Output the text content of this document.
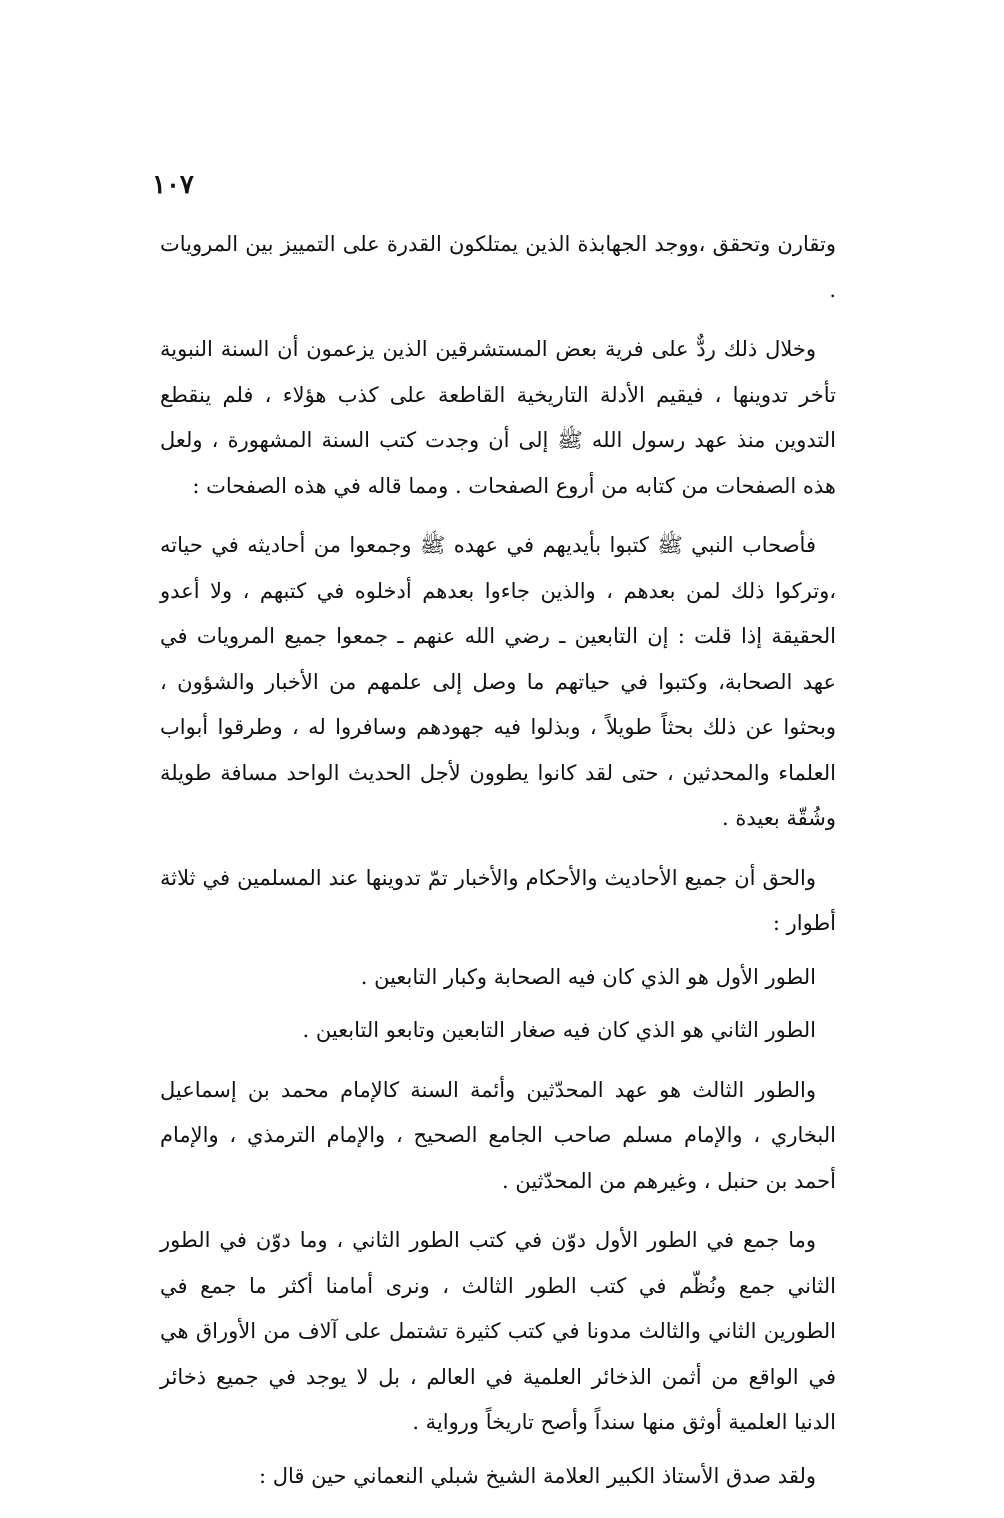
١٠٧

وتقارن وتحقق ،ووجد الجهابذة الذين يمتلكون القدرة على التمييز بين المرويات .

وخلال ذلك ردٌّ على فرية بعض المستشرقين الذين يزعمون أن السنة النبوية تأخر تدوينها ، فيقيم الأدلة التاريخية القاطعة على كذب هؤلاء ، فلم ينقطع التدوين منذ عهد رسول الله ﷺ إلى أن وجدت كتب السنة المشهورة ، ولعل هذه الصفحات من كتابه من أروع الصفحات . ومما قاله في هذه الصفحات :

فأصحاب النبي ﷺ كتبوا بأيديهم في عهده ﷺ وجمعوا من أحاديثه في حياته ،وتركوا ذلك لمن بعدهم ، والذين جاءوا بعدهم أدخلوه في كتبهم ، ولا أعدو الحقيقة إذا قلت : إن التابعين ـ رضي الله عنهم ـ جمعوا جميع المرويات في عهد الصحابة، وكتبوا في حياتهم ما وصل إلى علمهم من الأخبار والشؤون ، وبحثوا عن ذلك بحثاً طويلاً ، وبذلوا فيه جهودهم وسافروا له ، وطرقوا أبواب العلماء والمحدثين ، حتى لقد كانوا يطوون لأجل الحديث الواحد مسافة طويلة وشُقّة بعيدة .

والحق أن جميع الأحاديث والأحكام والأخبار تمّ تدوينها عند المسلمين في ثلاثة أطوار :

الطور الأول هو الذي كان فيه الصحابة وكبار التابعين .

الطور الثاني هو الذي كان فيه صغار التابعين وتابعو التابعين .

والطور الثالث هو عهد المحدّثين وأئمة السنة كالإمام محمد بن إسماعيل البخاري ، والإمام مسلم صاحب الجامع الصحيح ، والإمام الترمذي ، والإمام أحمد بن حنبل ، وغيرهم من المحدّثين .

وما جمع في الطور الأول دوّن في كتب الطور الثاني ، وما دوّن في الطور الثاني جمع ونُظّم في كتب الطور الثالث ، ونرى أمامنا أكثر ما جمع في الطورين الثاني والثالث مدونا في كتب كثيرة تشتمل على آلاف من الأوراق هي في الواقع من أثمن الذخائر العلمية في العالم ، بل لا يوجد في جميع ذخائر الدنيا العلمية أوثق منها سنداً وأصح تاريخاً ورواية .

ولقد صدق الأستاذ الكبير العلامة الشيخ شبلي النعماني حين قال :
